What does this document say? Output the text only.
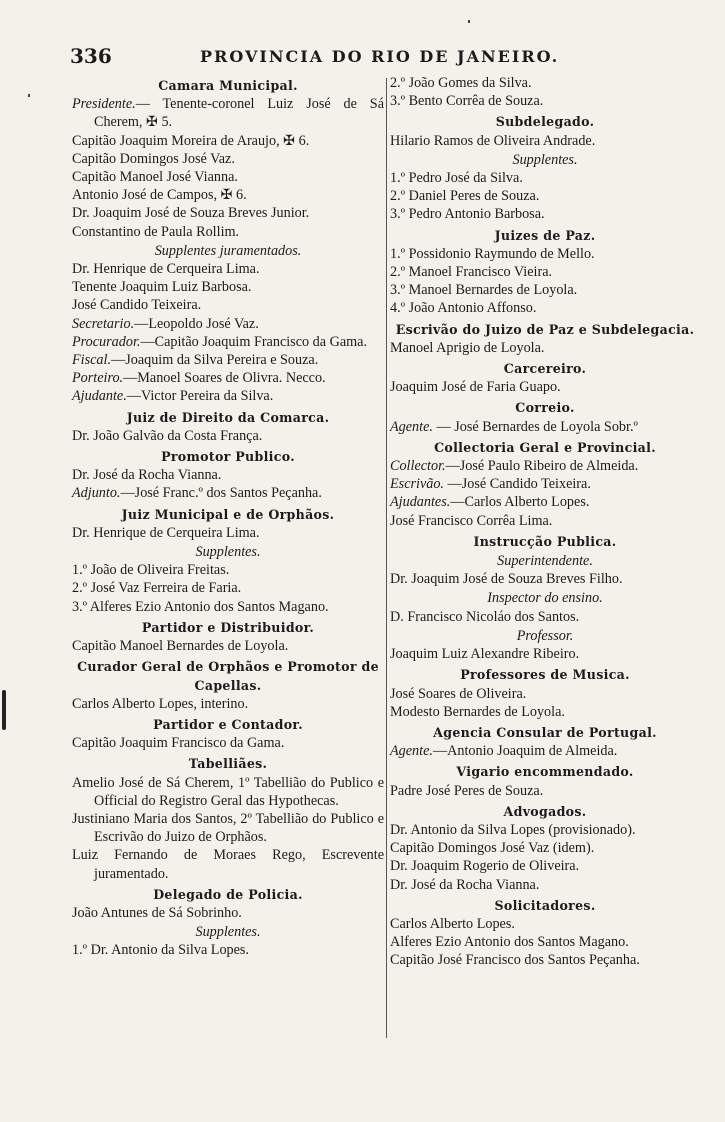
336	PROVINCIA DO RIO DE JANEIRO.
Camara Municipal.
Presidente.— Tenente-coronel Luiz José de Sá Cherem, ✠ 5.
Capitão Joaquim Moreira de Araujo, ✠ 6.
Capitão Domingos José Vaz.
Capitão Manoel José Vianna.
Antonio José de Campos, ✠ 6.
Dr. Joaquim José de Souza Breves Junior.
Constantino de Paula Rollim.
Supplentes juramentados.
Dr. Henrique de Cerqueira Lima.
Tenente Joaquim Luiz Barbosa.
José Candido Teixeira.
Secretario.—Leopoldo José Vaz.
Procurador.—Capitão Joaquim Francisco da Gama.
Fiscal.—Joaquim da Silva Pereira e Souza.
Porteiro.—Manoel Soares de Olivra. Necco.
Ajudante.—Victor Pereira da Silva.
Juiz de Direito da Comarca.
Dr. João Galvão da Costa França.
Promotor Publico.
Dr. José da Rocha Vianna.
Adjunto.—José Franc.º dos Santos Peçanha.
Juiz Municipal e de Orphãos.
Dr. Henrique de Cerqueira Lima.
Supplentes.
1.º João de Oliveira Freitas.
2.º José Vaz Ferreira de Faria.
3.º Alferes Ezio Antonio dos Santos Magano.
Partidor e Distribuidor.
Capitão Manoel Bernardes de Loyola.
Curador Geral de Orphãos e Promotor de Capellas.
Carlos Alberto Lopes, interino.
Partidor e Contador.
Capitão Joaquim Francisco da Gama.
Tabelliães.
Amelio José de Sá Cherem, 1º Tabellião do Publico e Official do Registro Geral das Hypothecas.
Justiniano Maria dos Santos, 2º Tabellião do Publico e Escrivão do Juizo de Orphãos.
Luiz Fernando de Moraes Rego, Escrevente juramentado.
Delegado de Policia.
João Antunes de Sá Sobrinho.
Supplentes.
1.º Dr. Antonio da Silva Lopes.
2.º João Gomes da Silva.
3.º Bento Corrêa de Souza.
Subdelegado.
Hilario Ramos de Oliveira Andrade.
Supplentes.
1.º Pedro José da Silva.
2.º Daniel Peres de Souza.
3.º Pedro Antonio Barbosa.
Juizes de Paz.
1.º Possidonio Raymundo de Mello.
2.º Manoel Francisco Vieira.
3.º Manoel Bernardes de Loyola.
4.º João Antonio Affonso.
Escrivão do Juizo de Paz e Subdelegacia.
Manoel Aprigio de Loyola.
Carcereiro.
Joaquim José de Faria Guapo.
Correio.
Agente. — José Bernardes de Loyola Sobr.º
Collectoria Geral e Provincial.
Collector.—José Paulo Ribeiro de Almeida.
Escrivão. —José Candido Teixeira.
Ajudantes.—Carlos Alberto Lopes.
José Francisco Corrêa Lima.
Instrucção Publica.
Superintendente.
Dr. Joaquim José de Souza Breves Filho.
Inspector do ensino.
D. Francisco Nicoláo dos Santos.
Professor.
Joaquim Luiz Alexandre Ribeiro.
Professores de Musica.
José Soares de Oliveira.
Modesto Bernardes de Loyola.
Agencia Consular de Portugal.
Agente.—Antonio Joaquim de Almeida.
Vigario encommendado.
Padre José Peres de Souza.
Advogados.
Dr. Antonio da Silva Lopes (provisionado).
Capitão Domingos José Vaz (idem).
Dr. Joaquim Rogerio de Oliveira.
Dr. José da Rocha Vianna.
Solicitadores.
Carlos Alberto Lopes.
Alferes Ezio Antonio dos Santos Magano.
Capitão José Francisco dos Santos Peçanha.
